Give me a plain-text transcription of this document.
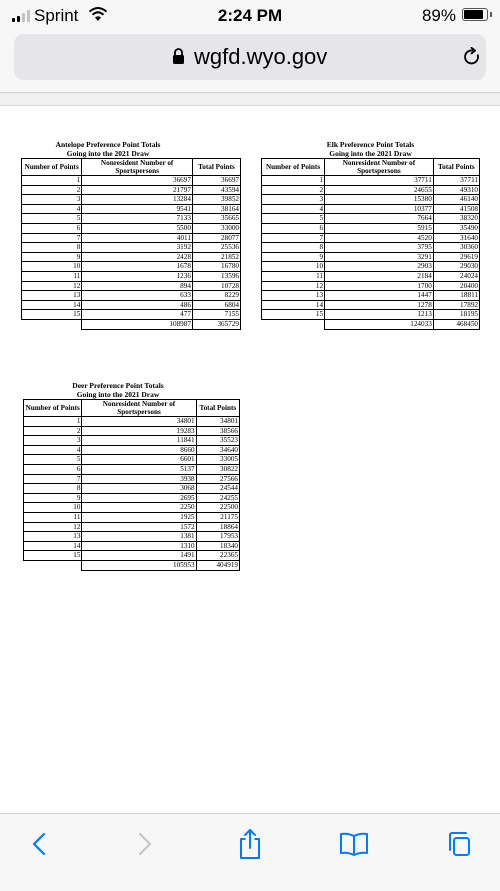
Sprint	2:24 PM	89%
wgfd.wyo.gov
Antelope Preference Point Totals
Going into the 2021 Draw
Number of Points	Nonresident Number of Sportspersons	Total Points
1	36697	36697
2	21797	43594
3	13284	39852
4	9541	38164
5	7133	35665
6	5500	33000
7	4011	28077
8	3192	25536
9	2428	21852
10	1678	16780
11	1236	13596
12	894	10728
13	633	8229
14	486	6804
15	477	7155
	108987	365729
Elk Preference Point Totals
Going into the 2021 Draw
Number of Points	Nonresident Number of Sportspersons	Total Points
1	37711	37711
2	24655	49310
3	15380	46140
4	10377	41508
5	7664	38320
6	5915	35490
7	4520	31640
8	3795	30360
9	3291	29619
10	2903	29030
11	2184	24024
12	1700	20400
13	1447	18811
14	1278	17892
15	1213	18195
	124033	468450
Deer Preference Point Totals
Going into the 2021 Draw
Number of Points	Nonresident Number of Sportspersons	Total Points
1	34801	34801
2	19283	38566
3	11841	35523
4	8660	34640
5	6601	33005
6	5137	30822
7	3938	27566
8	3068	24544
9	2695	24255
10	2250	22500
11	1925	21175
12	1572	18864
13	1381	17953
14	1310	18340
15	1491	22365
	105953	404919
